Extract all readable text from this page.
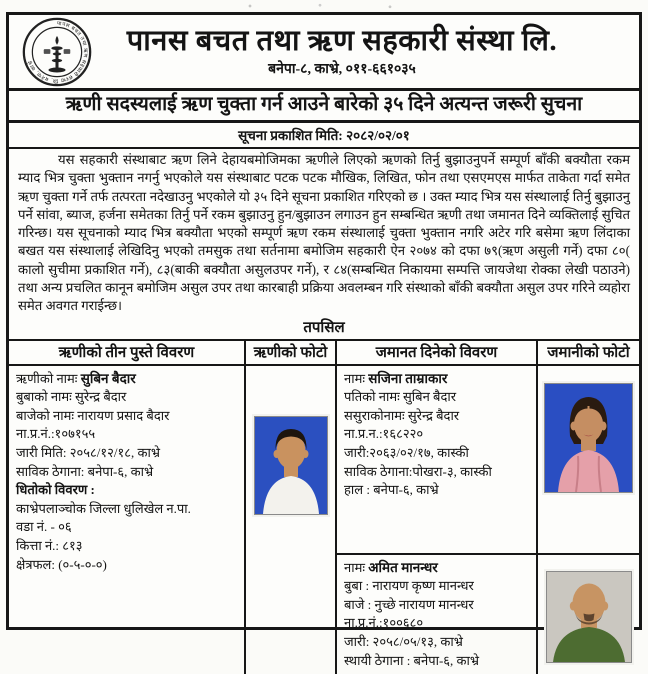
पानस बचत तथा ऋण सहकारी संस्था लि. बनेपा, काभ्रे
पानस बचत तथा ऋण सहकारी संस्था लि.
बनेपा-८, काभ्रे, ०११-६६१०३५
ऋणी सदस्यलाई ऋण चुक्ता गर्न आउने बारेको ३५ दिने अत्यन्त जरूरी सुचना
सूचना प्रकाशित मिति: २०८२/०२/०१

यस सहकारी संस्थाबाट ऋण लिने देहायबमोजिमका ऋणीले लिएको ऋणको तिर्नु बुझाउनुपर्ने सम्पूर्ण बाँकी बक्यौता रकम म्याद भित्र चुक्ता भुक्तान नगर्नु भएकोले यस संस्थाबाट पटक पटक मौखिक, लिखित, फोन तथा एसएमएस मार्फत ताकेता गर्दा समेत ऋण चुक्ता गर्ने तर्फ तत्परता नदेखाउनु भएकोले यो ३५ दिने सूचना प्रकाशित गरिएको छ । उक्त म्याद भित्र यस संस्थालाई तिर्नु बुझाउनु पर्ने सांवा, ब्याज, हर्जना समेतका तिर्नु पर्ने रकम बुझाउनु हुन/बुझाउन लगाउन हुन सम्बन्धित ऋणी तथा जमानत दिने व्यक्तिलाई सुचित गरिन्छ। यस सूचनाको म्याद भित्र बक्यौता भएको सम्पूर्ण ऋण रकम संस्थालाई चुक्ता भुक्तान नगरि अटेर गरि बसेमा ऋण लिंदाका बखत यस संस्थालाई लेखिदिनु भएको तमसुक तथा सर्तनामा बमोजिम सहकारी ऐन २०७४ को दफा ७९(ऋण असुली गर्ने) दफा ८०( कालो सुचीमा प्रकाशित गर्ने), ८३(बाकी बक्यौता असुलउपर गर्ने), र ८४(सम्बन्धित निकायमा सम्पत्ति जायजेथा रोक्का लेखी पठाउने) तथा अन्य प्रचलित कानून बमोजिम असुल उपर तथा कारबाही प्रक्रिया अवलम्बन गरि संस्थाको बाँकी बक्यौता असुल उपर गरिने व्यहोरा समेत अवगत गराईन्छ।

तपसिल
ऋणीको तीन पुस्ते विवरण	ऋणीको फोटो	जमानत दिनेको विवरण	जमानीको फोटो
ऋणीको नामः सुबिन बैदार
बुबाको नामः सुरेन्द्र बैदार
बाजेको नामः नारायण प्रसाद बैदार
ना.प्र.नं.:१०७१५५
जारी मिति: २०५८/१२/१८, काभ्रे
साविक ठेगाना: बनेपा-६, काभ्रे
धितोको विवरण :
काभ्रेपलाञ्चोक जिल्ला धुलिखेल न.पा.
वडा नं. - ०६
कित्ता नं.: ८१३
क्षेत्रफल: (०-५-०-०)
नामः सजिना ताम्राकार
पतिको नामः सुबिन बैदार
ससुराकोनामः सुरेन्द्र बैदार
ना.प्र.न.:१६८२२०
जारी:२०६३/०२/१७, कास्की
साविक ठेगाना:पोखरा-३, कास्की
हाल : बनेपा-६, काभ्रे
नामः अमित मानन्धर
बुबा : नारायण कृष्ण मानन्धर
बाजे : नुच्छे नारायण मानन्धर
ना.प्र.नं.:१००६८०
जारी: २०५८/०५/१३, काभ्रे
स्थायी ठेगाना : बनेपा-६, काभ्रे
